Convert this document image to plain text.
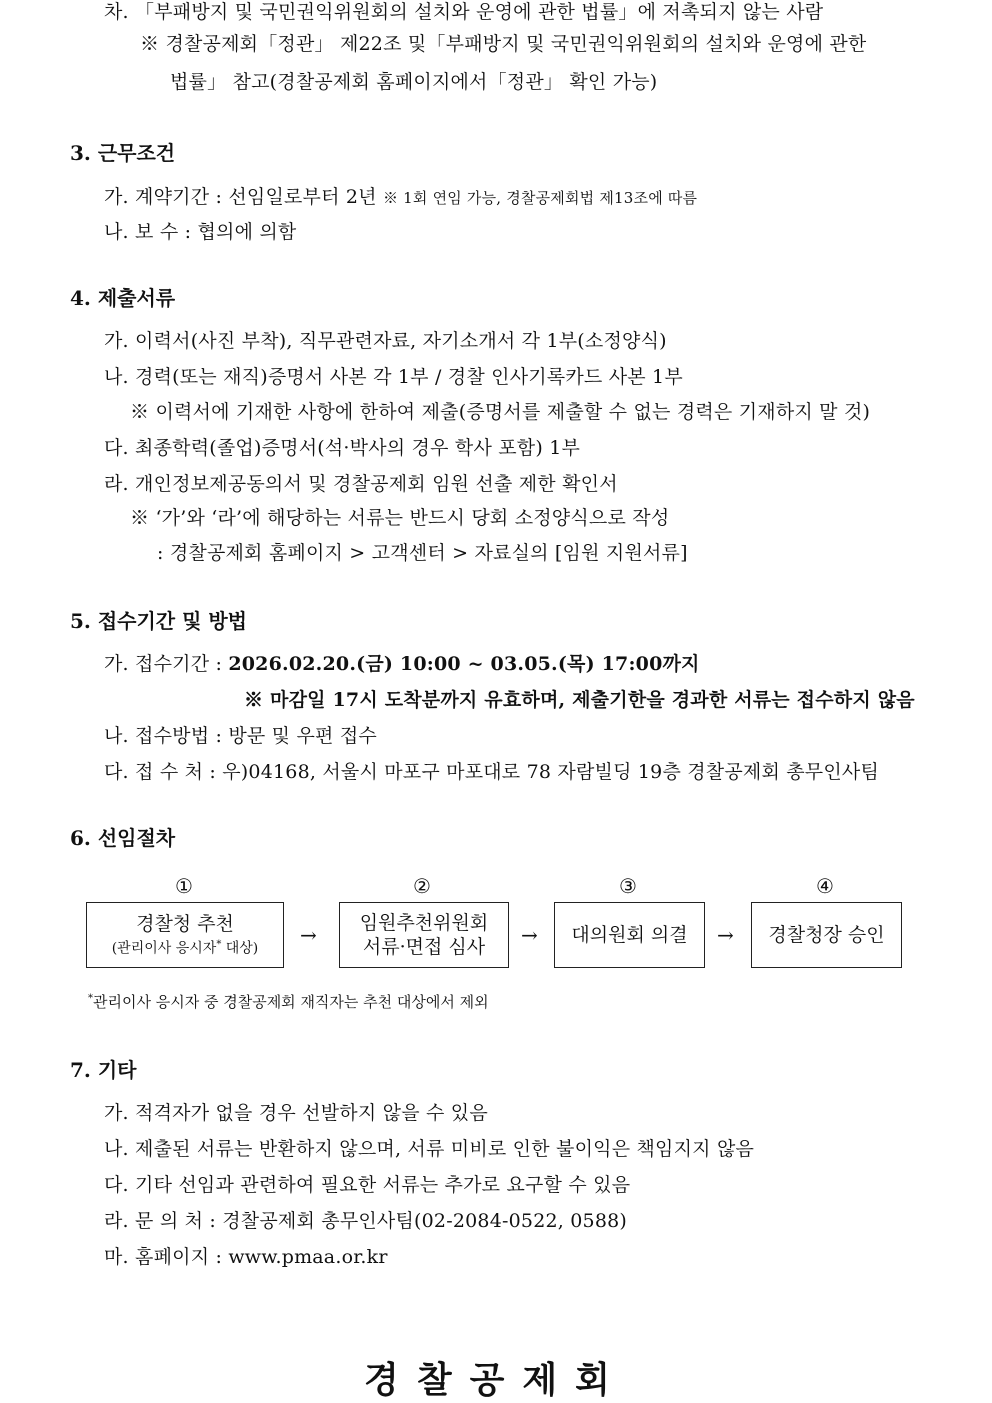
차. 「부패방지 및 국민권익위원회의 설치와 운영에 관한 법률」에 저촉되지 않는 사람
※ 경찰공제회「정관」 제22조 및「부패방지 및 국민권익위원회의 설치와 운영에 관한
법률」 참고(경찰공제회 홈페이지에서「정관」 확인 가능)
3. 근무조건
가. 계약기간 : 선임일로부터 2년 ※ 1회 연임 가능, 경찰공제회법 제13조에 따름
나. 보 수 : 협의에 의함
4. 제출서류
가. 이력서(사진 부착), 직무관련자료, 자기소개서 각 1부(소정양식)
나. 경력(또는 재직)증명서 사본 각 1부 / 경찰 인사기록카드 사본 1부
※ 이력서에 기재한 사항에 한하여 제출(증명서를 제출할 수 없는 경력은 기재하지 말 것)
다. 최종학력(졸업)증명서(석·박사의 경우 학사 포함) 1부
라. 개인정보제공동의서 및 경찰공제회 임원 선출 제한 확인서
※ ‘가’와 ‘라’에 해당하는 서류는 반드시 당회 소정양식으로 작성
: 경찰공제회 홈페이지 > 고객센터 > 자료실의 [임원 지원서류]
5. 접수기간 및 방법
가. 접수기간 : 2026.02.20.(금) 10:00 ~ 03.05.(목) 17:00까지
※ 마감일 17시 도착분까지 유효하며, 제출기한을 경과한 서류는 접수하지 않음
나. 접수방법 : 방문 및 우편 접수
다. 접 수 처 : 우)04168, 서울시 마포구 마포대로 78 자람빌딩 19층 경찰공제회 총무인사팀
6. 선임절차
①	②	③	④
경찰청 추천
(관리이사 응시자* 대상)
→ 임원추천위원회
서류·면접 심사 → 대의원회 의결 → 경찰청장 승인
*관리이사 응시자 중 경찰공제회 재직자는 추천 대상에서 제외
7. 기타
가. 적격자가 없을 경우 선발하지 않을 수 있음
나. 제출된 서류는 반환하지 않으며, 서류 미비로 인한 불이익은 책임지지 않음
다. 기타 선임과 관련하여 필요한 서류는 추가로 요구할 수 있음
라. 문 의 처 : 경찰공제회 총무인사팀(02-2084-0522, 0588)
마. 홈페이지 : www.pmaa.or.kr
경찰공제회
